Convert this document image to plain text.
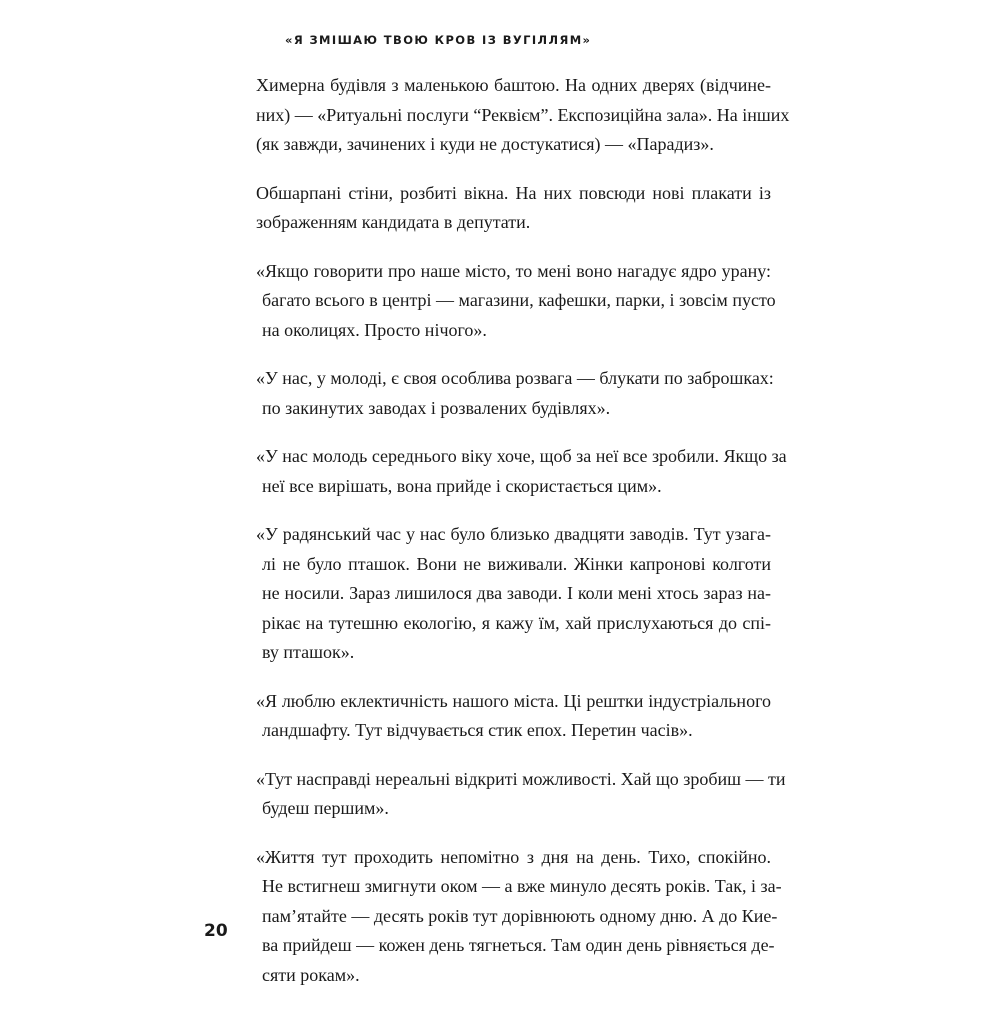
«Я ЗМІШАЮ ТВОЮ КРОВ ІЗ ВУГІЛЛЯМ»

Химерна будівля з маленькою баштою. На одних дверях (відчине-
них) — «Ритуальні послуги “Реквієм”. Експозиційна зала». На інших
(як завжди, зачинених і куди не достукатися) — «Парадиз».

Обшарпані стіни, розбиті вікна. На них повсюди нові плакати із
зображенням кандидата в депутати.

«Якщо говорити про наше місто, то мені воно нагадує ядро урану:
багато всього в центрі — магазини, кафешки, парки, і зовсім пусто
на околицях. Просто нічого».

«У нас, у молоді, є своя особлива розвага — блукати по заброшках:
по закинутих заводах і розвалених будівлях».

«У нас молодь середнього віку хоче, щоб за неї все зробили. Якщо за
неї все вирішать, вона прийде і скористається цим».

«У радянський час у нас було близько двадцяти заводів. Тут узага-
лі не було пташок. Вони не виживали. Жінки капронові колготи
не носили. Зараз лишилося два заводи. І коли мені хтось зараз на-
рікає на тутешню екологію, я кажу їм, хай прислухаються до спі-
ву пташок».

«Я люблю еклектичність нашого міста. Ці рештки індустріального
ландшафту. Тут відчувається стик епох. Перетин часів».

«Тут насправді нереальні відкриті можливості. Хай що зробиш — ти
будеш першим».

«Життя тут проходить непомітно з дня на день. Тихо, спокійно.
Не встигнеш змигнути оком — а вже минуло десять років. Так, і за-
пам’ятайте — десять років тут дорівнюють одному дню. А до Кие-
ва прийдеш — кожен день тягнеться. Там один день рівняється де-
сяти рокам».

20
